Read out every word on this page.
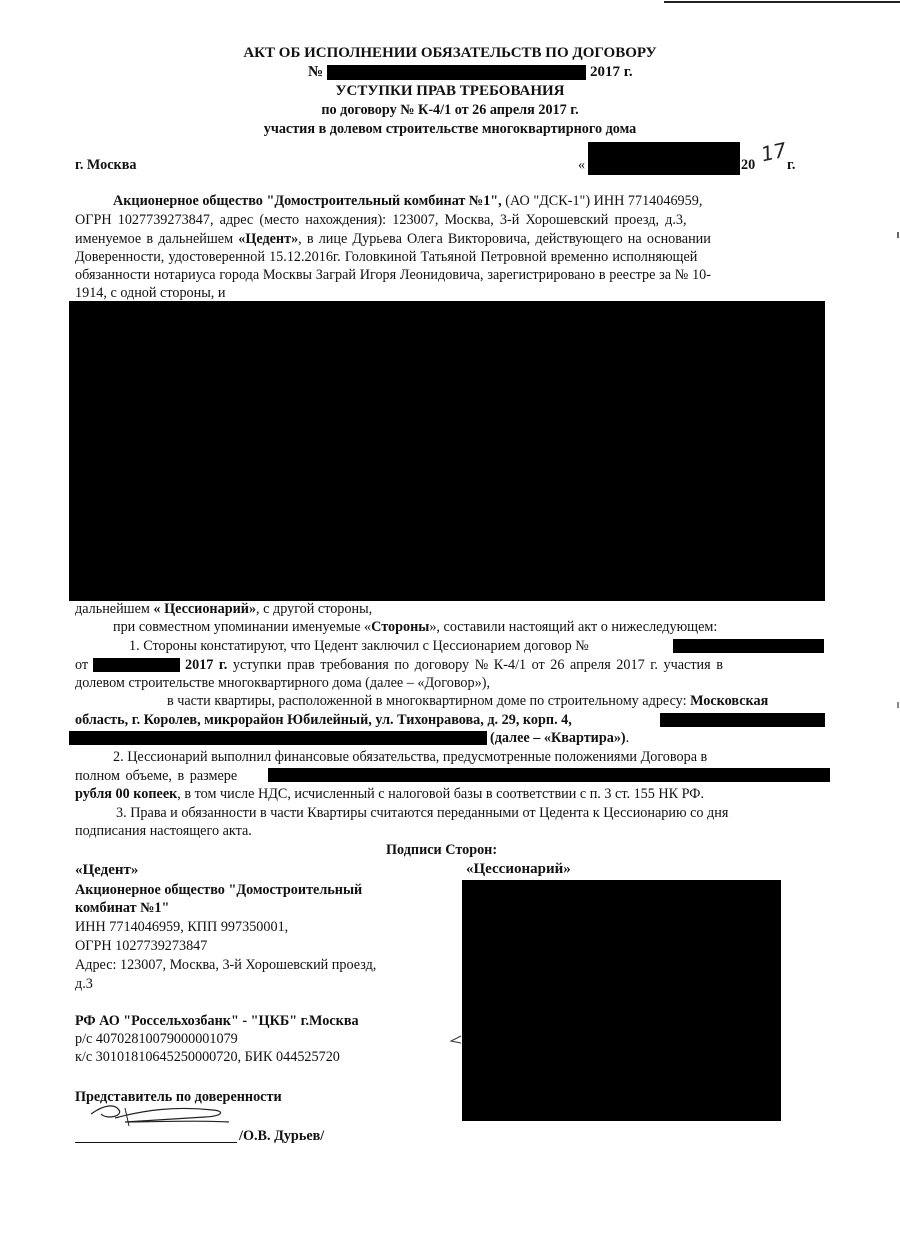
АКТ ОБ ИСПОЛНЕНИИ ОБЯЗАТЕЛЬСТВ ПО ДОГОВОРУ
№	2017 г.
УСТУПКИ ПРАВ ТРЕБОВАНИЯ
по договору № К-4/1 от 26 апреля 2017 г.
участия в долевом строительстве многоквартирного дома
г. Москва	«	20 17
г.
Акционерное общество "Домостроительный комбинат №1", (АО "ДСК-1") ИНН 7714046959,
ОГРН 1027739273847, адрес (место нахождения): 123007, Москва, 3-й Хорошевский проезд, д.3,
именуемое в дальнейшем «Цедент», в лице Дурьева Олега Викторовича, действующего на основании
Доверенности, удостоверенной 15.12.2016г. Головкиной Татьяной Петровной временно исполняющей
обязанности нотариуса города Москвы Заграй Игоря Леонидовича, зарегистрировано в реестре за № 10-
1914, с одной стороны, и
дальнейшем « Цессионарий», с другой стороны,
при совместном упоминании именуемые «Стороны», составили настоящий акт о нижеследующем:
1. Стороны констатируют, что Цедент заключил с Цессионарием договор №
от	2017 г. уступки прав требования по договору № К-4/1 от 26 апреля 2017 г. участия в
долевом строительстве многоквартирного дома (далее – «Договор»),
в части квартиры, расположенной в многоквартирном доме по строительному адресу: Московская
область, г. Королев, микрорайон Юбилейный, ул. Тихонравова, д. 29, корп. 4,
(далее – «Квартира»).
2. Цессионарий выполнил финансовые обязательства, предусмотренные положениями Договора в
полном объеме, в размере
рубля 00 копеек, в том числе НДС, исчисленный с налоговой базы в соответствии с п. 3 ст. 155 НК РФ.
3. Права и обязанности в части Квартиры считаются переданными от Цедента к Цессионарию со дня
подписания настоящего акта.
Подписи Сторон:
«Цедент»	«Цессионарий»
Акционерное общество "Домостроительный
комбинат №1"
ИНН 7714046959, КПП 997350001,
ОГРН 1027739273847
Адрес: 123007, Москва, 3-й Хорошевский проезд,
д.3
РФ АО "Россельхозбанк" - "ЦКБ" г.Москва
р/с 40702810079000001079
к/с 30101810645250000720, БИК 044525720
Представитель по доверенности
/О.В. Дурьев/
